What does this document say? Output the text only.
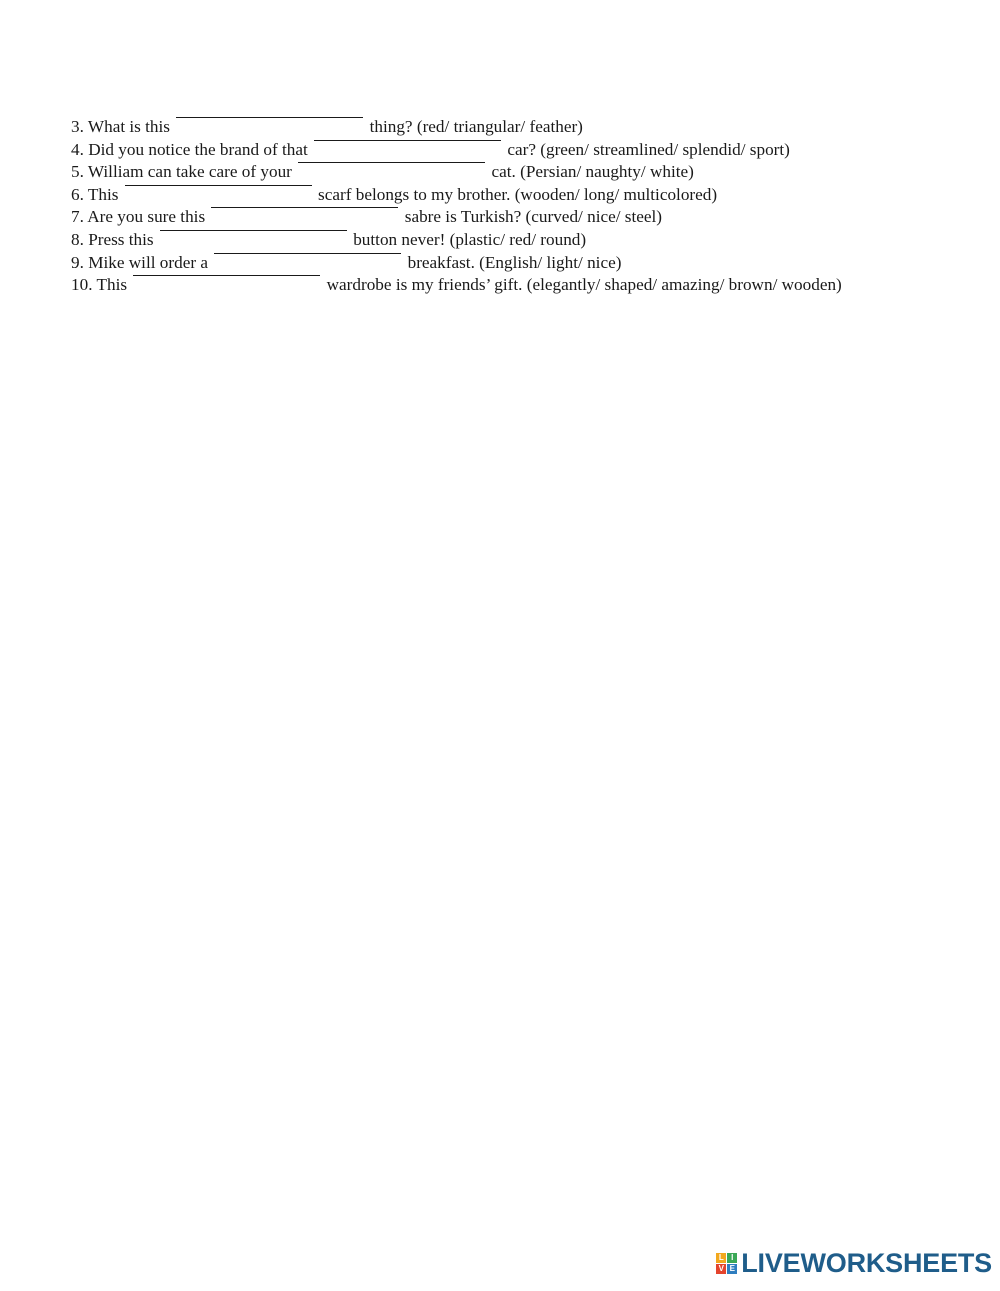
3. What is this	thing? (red/ triangular/ feather)
4. Did you notice the brand of that	car? (green/ streamlined/ splendid/ sport)
5. William can take care of your	cat. (Persian/ naughty/ white)
6. This	scarf belongs to my brother. (wooden/ long/ multicolored)
7. Are you sure this	sabre is Turkish? (curved/ nice/ steel)
8. Press this	button never! (plastic/ red/ round)
9. Mike will order a	breakfast. (English/ light/ nice)
10. This	wardrobe is my friends’ gift. (elegantly/ shaped/ amazing/ brown/ wooden)
L I
V E LIVEWORKSHEETS
